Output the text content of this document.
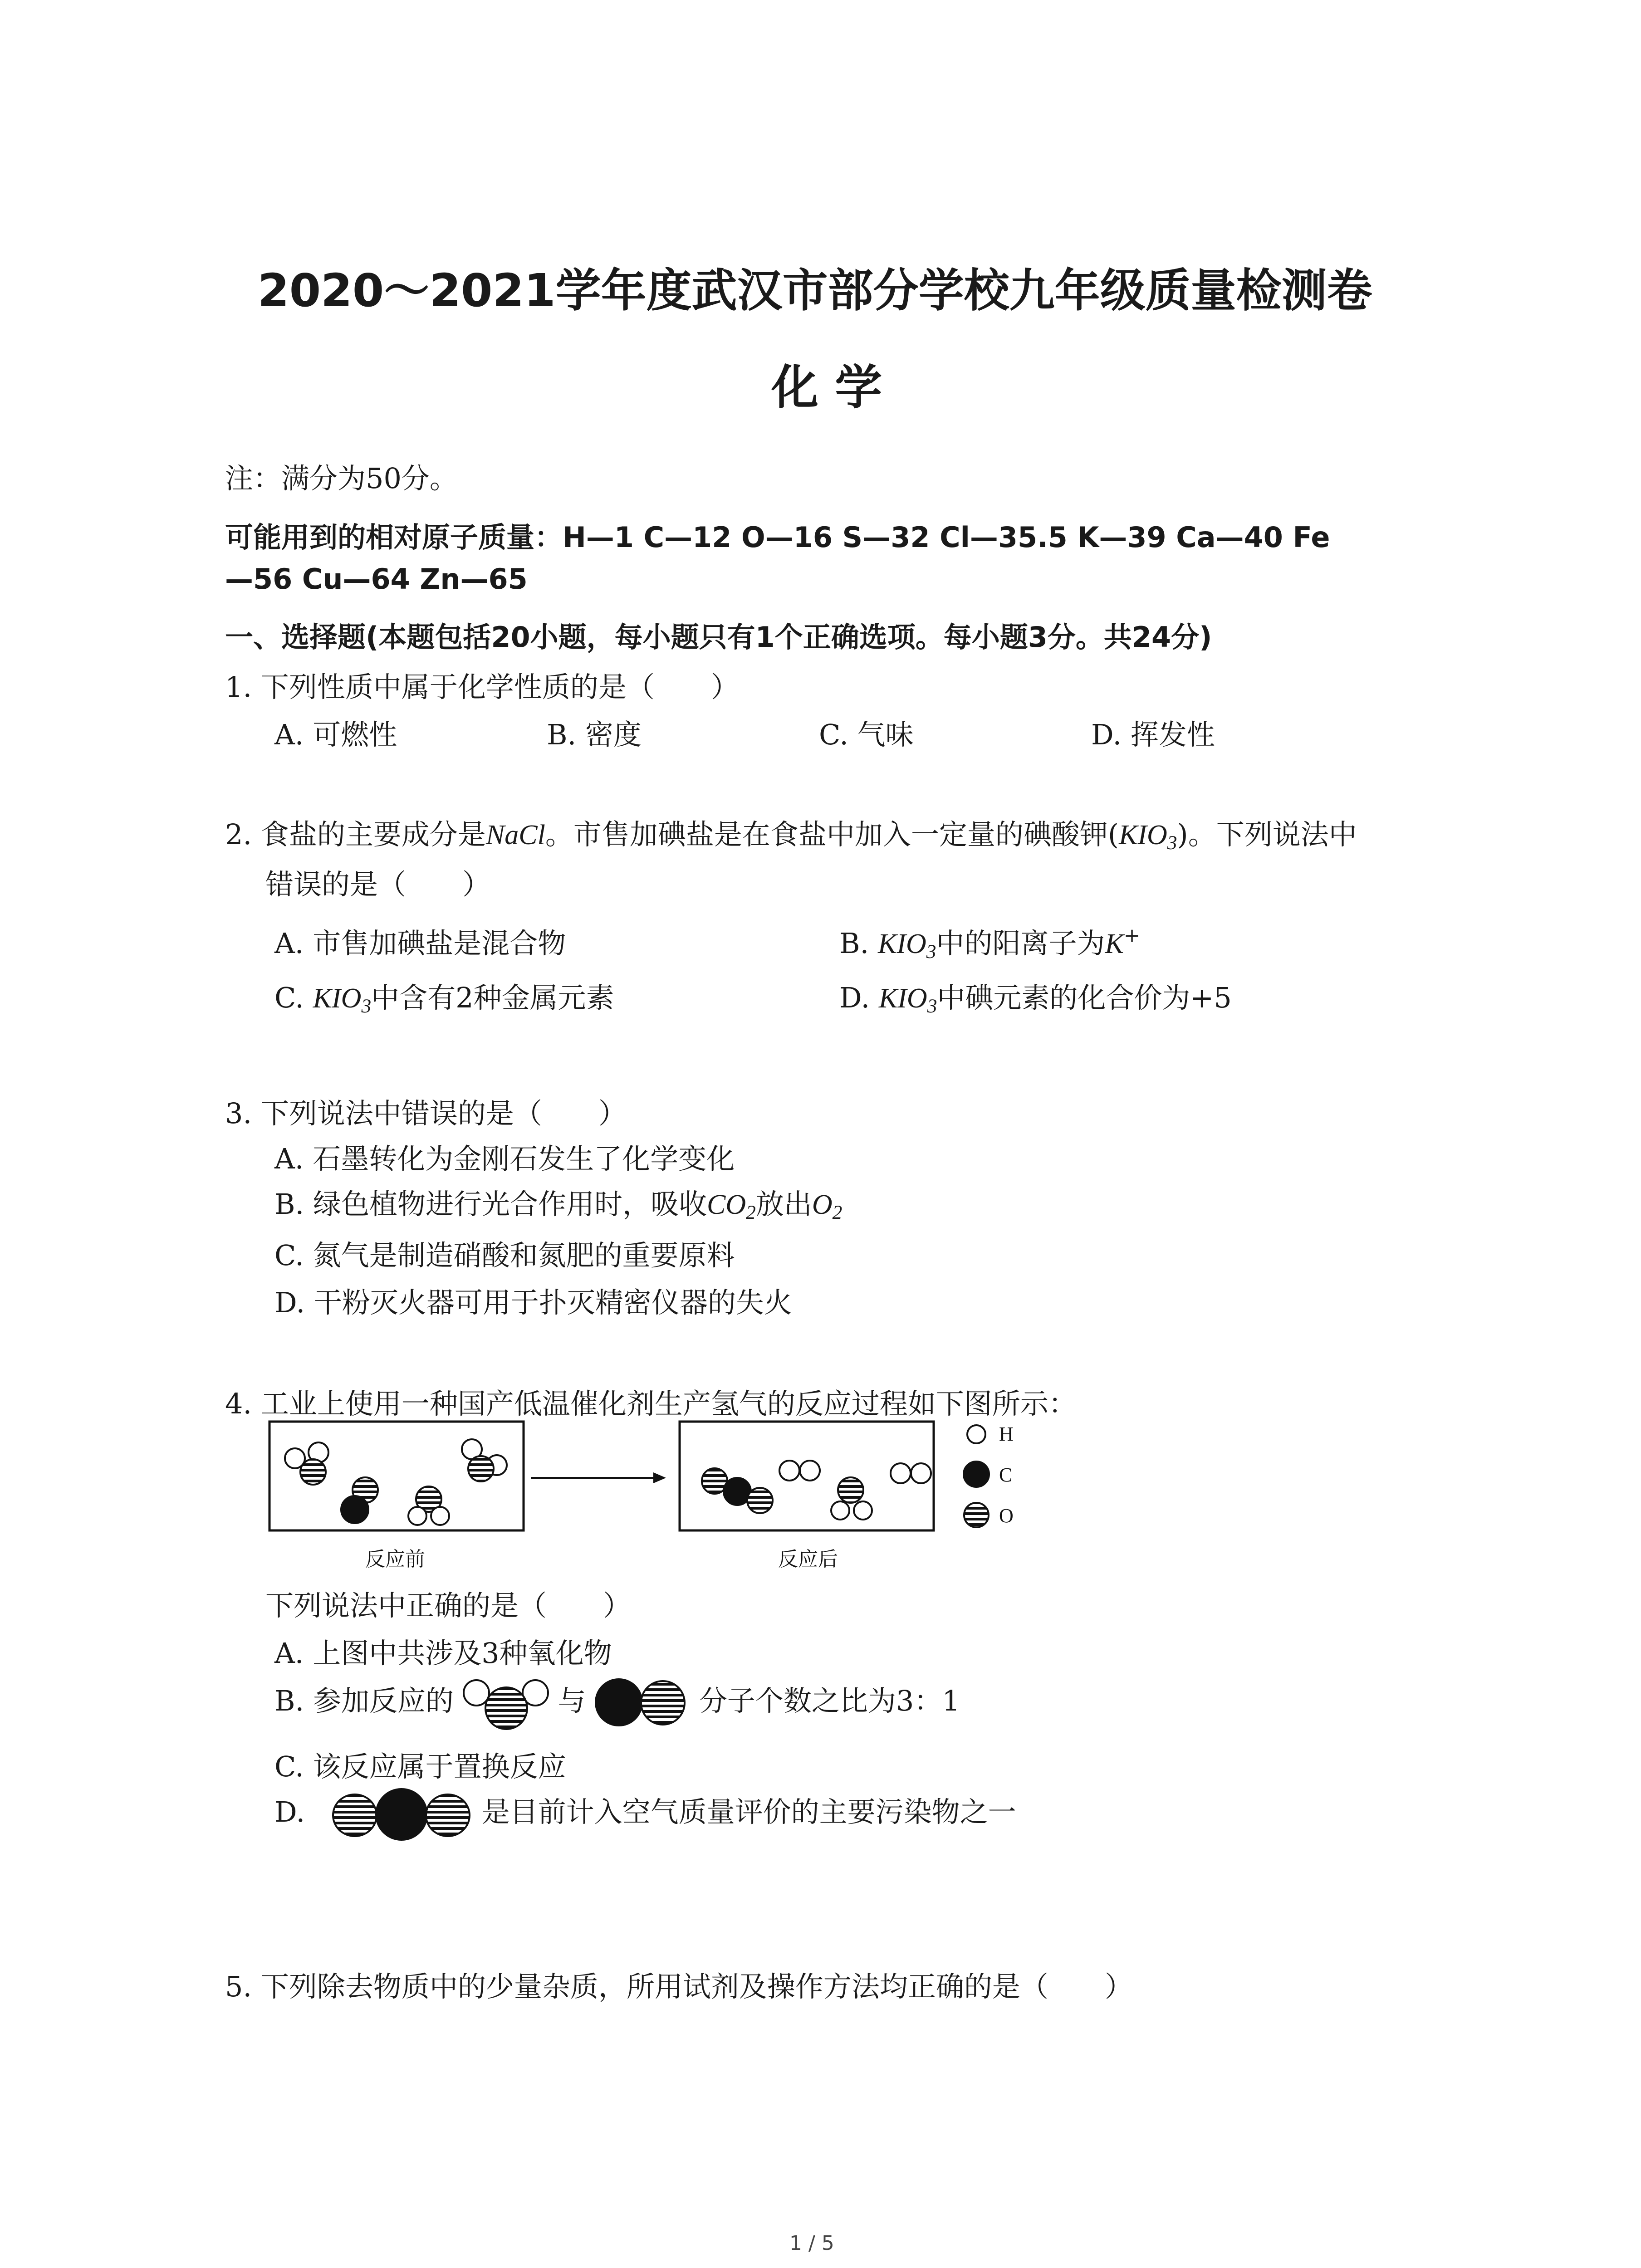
2020～2021学年度武汉市部分学校九年级质量检测卷
化 学
注：满分为50分。
可能用到的相对原子质量：H—1 C—12 O—16 S—32 Cl—35.5 K—39 Ca—40 Fe
—56 Cu—64 Zn—65
一、选择题(本题包括20小题，每小题只有1个正确选项。每小题3分。共24分)
1. 下列性质中属于化学性质的是（　　）
A. 可燃性	B. 密度	C. 气味	D. 挥发性
2. 食盐的主要成分是NaCl。市售加碘盐是在食盐中加入一定量的碘酸钾$(KIO_3)$。下列说法中
错误的是（　　）
A. 市售加碘盐是混合物	B. $KIO_3$中的阳离子为K+
C. $KIO_3$中含有2种金属元素	D. $KIO_3$中碘元素的化合价为+5
3. 下列说法中错误的是（　　）
A. 石墨转化为金刚石发生了化学变化
B. 绿色植物进行光合作用时，吸收$CO_2$放出$O_2$
C. 氮气是制造硝酸和氮肥的重要原料
D. 干粉灭火器可用于扑灭精密仪器的失火
4. 工业上使用一种国产低温催化剂生产氢气的反应过程如下图所示：
H
C
O
反应前	反应后
下列说法中正确的是（　　）
A. 上图中共涉及3种氧化物
B. 参加反应的	与	分子个数之比为3：1
C. 该反应属于置换反应
D.	是目前计入空气质量评价的主要污染物之一
5. 下列除去物质中的少量杂质，所用试剂及操作方法均正确的是（　　）
1 / 5
